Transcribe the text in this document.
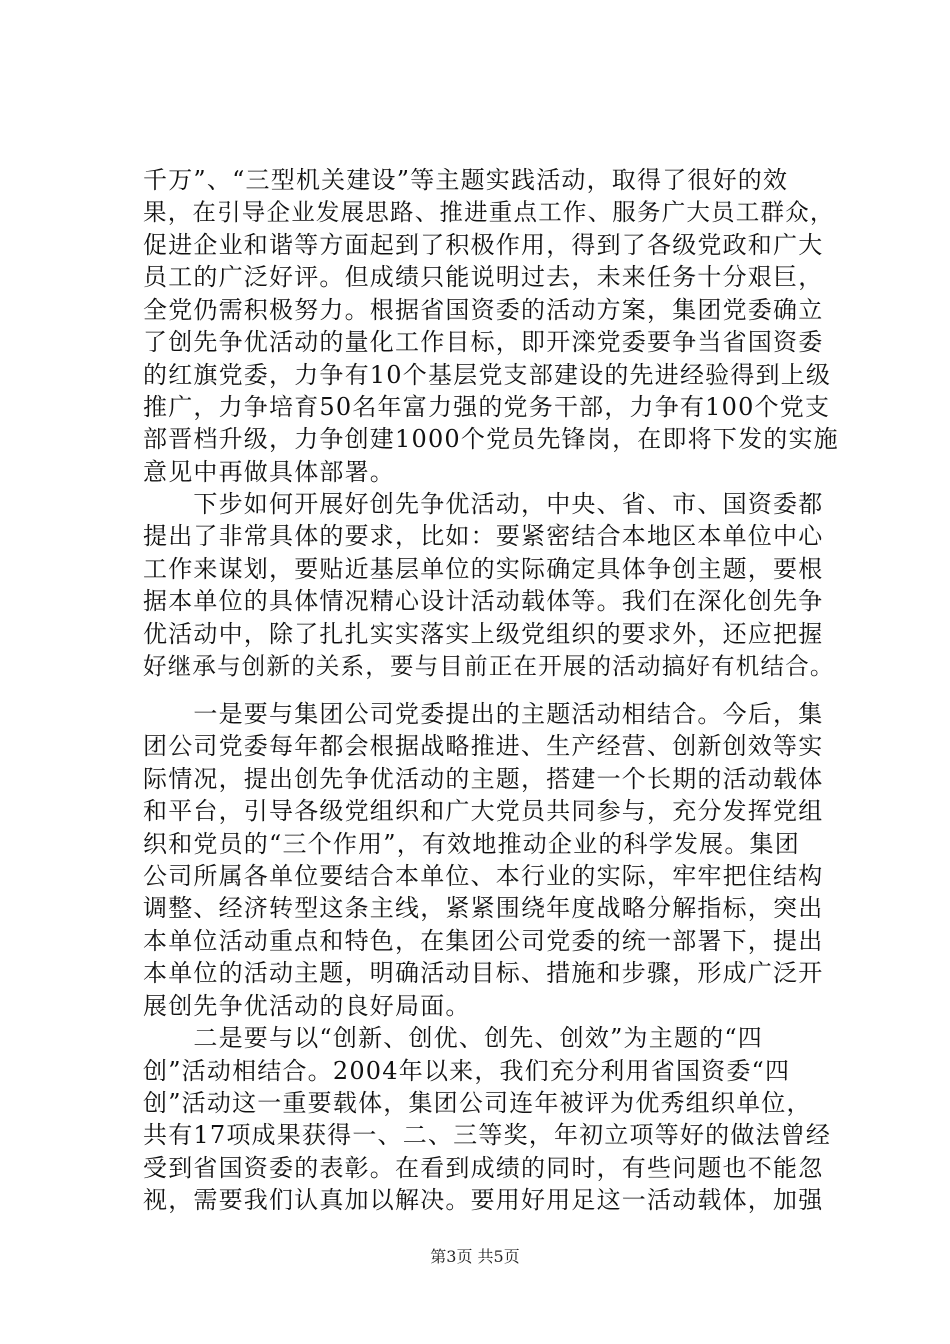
千万”、“三型机关建设”等主题实践活动，取得了很好的效
果，在引导企业发展思路、推进重点工作、服务广大员工群众，
促进企业和谐等方面起到了积极作用，得到了各级党政和广大
员工的广泛好评。但成绩只能说明过去，未来任务十分艰巨，
全党仍需积极努力。根据省国资委的活动方案，集团党委确立
了创先争优活动的量化工作目标，即开滦党委要争当省国资委
的红旗党委，力争有10个基层党支部建设的先进经验得到上级
推广，力争培育50名年富力强的党务干部，力争有100个党支
部晋档升级，力争创建1000个党员先锋岗，在即将下发的实施
意见中再做具体部署。
　　下步如何开展好创先争优活动，中央、省、市、国资委都
提出了非常具体的要求，比如：要紧密结合本地区本单位中心
工作来谋划，要贴近基层单位的实际确定具体争创主题，要根
据本单位的具体情况精心设计活动载体等。我们在深化创先争
优活动中，除了扎扎实实落实上级党组织的要求外，还应把握
好继承与创新的关系，要与目前正在开展的活动搞好有机结合。
　　一是要与集团公司党委提出的主题活动相结合。今后，集
团公司党委每年都会根据战略推进、生产经营、创新创效等实
际情况，提出创先争优活动的主题，搭建一个长期的活动载体
和平台，引导各级党组织和广大党员共同参与，充分发挥党组
织和党员的“三个作用”，有效地推动企业的科学发展。集团
公司所属各单位要结合本单位、本行业的实际，牢牢把住结构
调整、经济转型这条主线，紧紧围绕年度战略分解指标，突出
本单位活动重点和特色，在集团公司党委的统一部署下，提出
本单位的活动主题，明确活动目标、措施和步骤，形成广泛开
展创先争优活动的良好局面。
　　二是要与以“创新、创优、创先、创效”为主题的“四
创”活动相结合。2004年以来，我们充分利用省国资委“四
创”活动这一重要载体，集团公司连年被评为优秀组织单位，
共有17项成果获得一、二、三等奖，年初立项等好的做法曾经
受到省国资委的表彰。在看到成绩的同时，有些问题也不能忽
视，需要我们认真加以解决。要用好用足这一活动载体，加强
第3页 共5页
